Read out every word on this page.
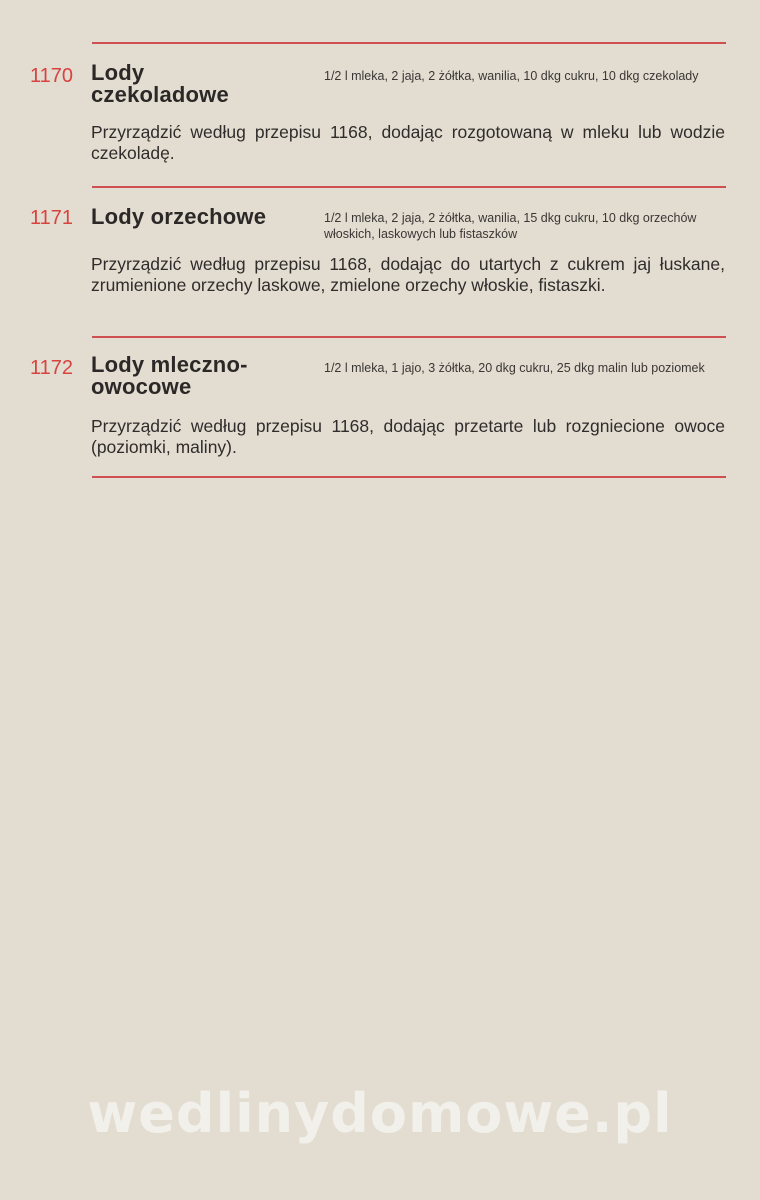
1170 Lody
czekoladowe
1/2 l mleka, 2 jaja, 2 żółtka, wanilia, 10 dkg cukru, 10 dkg czekolady
Przyrządzić według przepisu 1168, dodając rozgotowaną w mleku lub wodzie czekoladę.
1171 Lody orzechowe	1/2 l mleka, 2 jaja, 2 żółtka, wanilia, 15 dkg cukru, 10 dkg orzechów włoskich, laskowych lub fistaszków
Przyrządzić według przepisu 1168, dodając do utartych z cukrem jaj łuskane, zrumienione orzechy laskowe, zmielone orzechy włoskie, fistaszki.
1172 Lody mleczno-
owocowe
1/2 l mleka, 1 jajo, 3 żółtka, 20 dkg cukru, 25 dkg malin lub poziomek
Przyrządzić według przepisu 1168, dodając przetarte lub rozgniecione owoce (poziomki, maliny).
wedlinydomowe.pl
